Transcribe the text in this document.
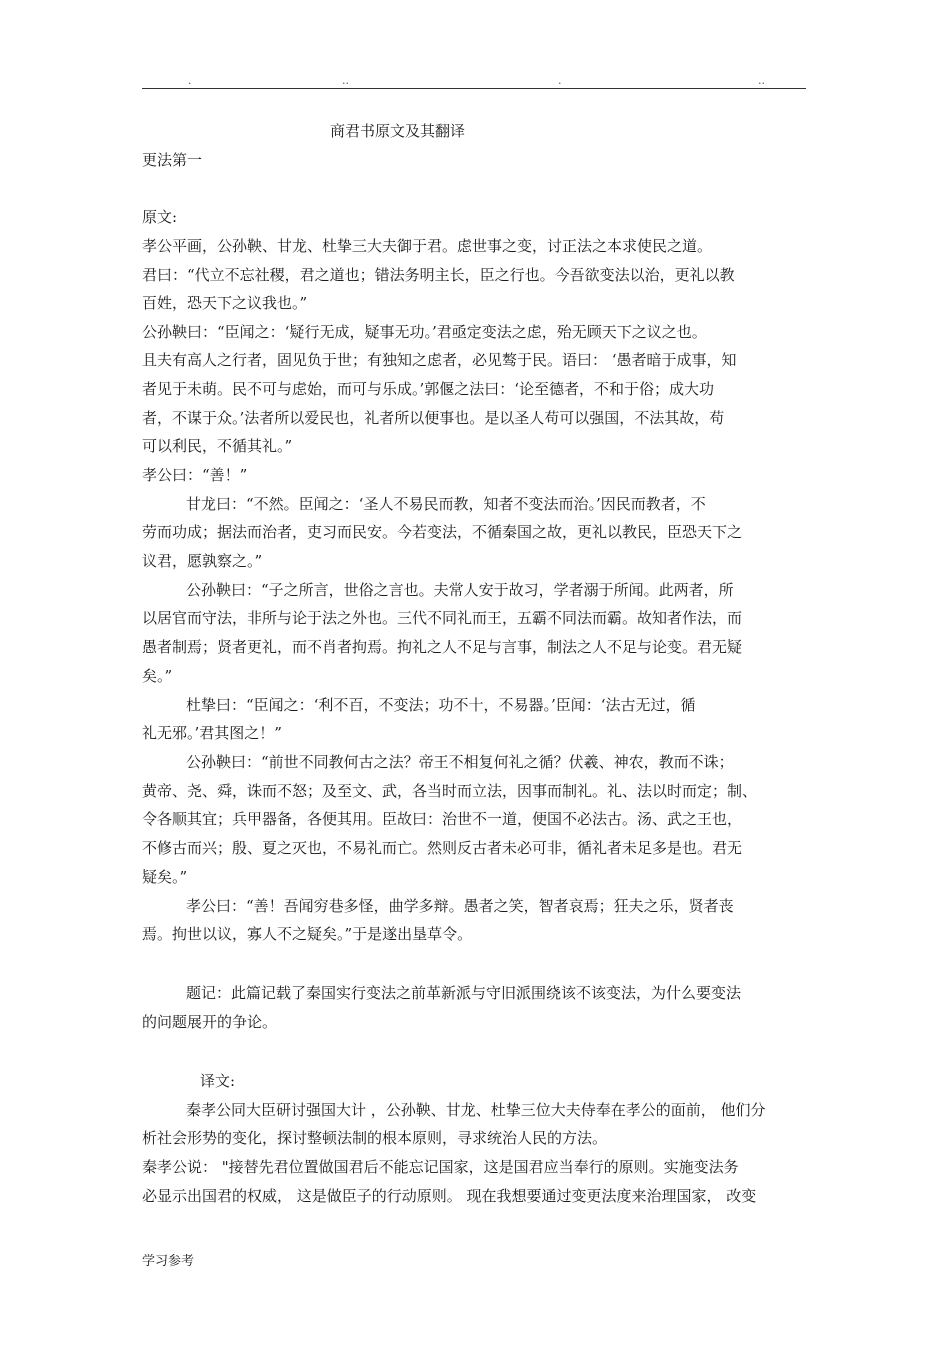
.	..	.	..
商君书原文及其翻译
更法第一
原文:
孝公平画，公孙鞅、甘龙、杜挚三大夫御于君。虑世事之变，讨正法之本求使民之道。
君曰：“代立不忘社稷，君之道也；错法务明主长，臣之行也。今吾欲变法以治，更礼以教
百姓，恐天下之议我也。”
公孙鞅曰：“臣闻之：‘疑行无成，疑事无功。’君亟定变法之虑，殆无顾天下之议之也。
且夫有高人之行者，固见负于世；有独知之虑者，必见骜于民。语曰： ‘愚者暗于成事，知
者见于未萌。民不可与虑始，而可与乐成。’郭偃之法曰：‘论至德者，不和于俗；成大功
者，不谋于众。’法者所以爱民也，礼者所以便事也。是以圣人苟可以强国，不法其故，苟
可以利民，不循其礼。”
孝公曰：“善！”
甘龙曰：“不然。臣闻之：‘圣人不易民而教，知者不变法而治。’因民而教者，不
劳而功成；据法而治者，吏习而民安。今若变法，不循秦国之故，更礼以教民，臣恐天下之
议君，愿孰察之。”
公孙鞅曰：“子之所言，世俗之言也。夫常人安于故习，学者溺于所闻。此两者，所
以居官而守法，非所与论于法之外也。三代不同礼而王，五霸不同法而霸。故知者作法，而
愚者制焉；贤者更礼，而不肖者拘焉。拘礼之人不足与言事，制法之人不足与论变。君无疑
矣。”
杜挚曰：“臣闻之：‘利不百，不变法；功不十，不易器。’臣闻：‘法古无过，循
礼无邪。’君其图之！”
公孙鞅曰：“前世不同教何古之法？帝王不相复何礼之循？伏羲、神农，教而不诛；
黄帝、尧、舜，诛而不怒；及至文、武，各当时而立法，因事而制礼。礼、法以时而定；制、
令各顺其宜；兵甲器备，各便其用。臣故曰：治世不一道，便国不必法古。汤、武之王也，
不修古而兴；殷、夏之灭也，不易礼而亡。然则反古者未必可非，循礼者未足多是也。君无
疑矣。”
孝公曰：“善！吾闻穷巷多怪，曲学多辩。愚者之笑，智者哀焉；狂夫之乐，贤者丧
焉。拘世以议，寡人不之疑矣。”于是遂出垦草令。
题记：此篇记载了秦国实行变法之前革新派与守旧派围绕该不该变法，为什么要变法
的问题展开的争论。
译文:
秦孝公同大臣研讨强国大计 ，公孙鞅、甘龙、杜挚三位大夫侍奉在孝公的面前， 他们分
析社会形势的变化，探讨整顿法制的根本原则，寻求统治人民的方法。
秦孝公说： "接替先君位置做国君后不能忘记国家，这是国君应当奉行的原则。实施变法务
必显示出国君的权威， 这是做臣子的行动原则。 现在我想要通过变更法度来治理国家， 改变
学习参考
